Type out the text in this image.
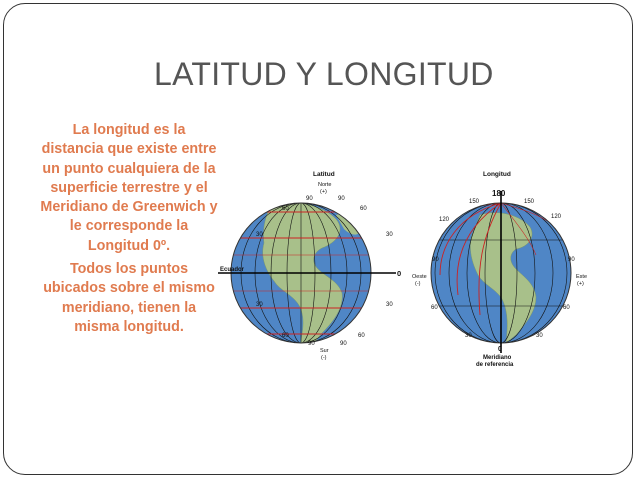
LATITUD Y LONGITUD

La longitud es la distancia que existe entre un punto cualquiera de la superficie terrestre y el Meridiano de Greenwich y le corresponde la Longitud 0º.

Todos los puntos ubicados sobre el mismo meridiano, tienen la misma longitud.

Latitud
Norte
(+)
Ecuador	0
90	90
60	60
30	30
30	30
60	60
90	90
Sur
(-)
Longitud
180
150	150
120	120
90	90
60	60
30	30
Oeste
(-)
Este
(+)
Meridiano
de referencia
0
